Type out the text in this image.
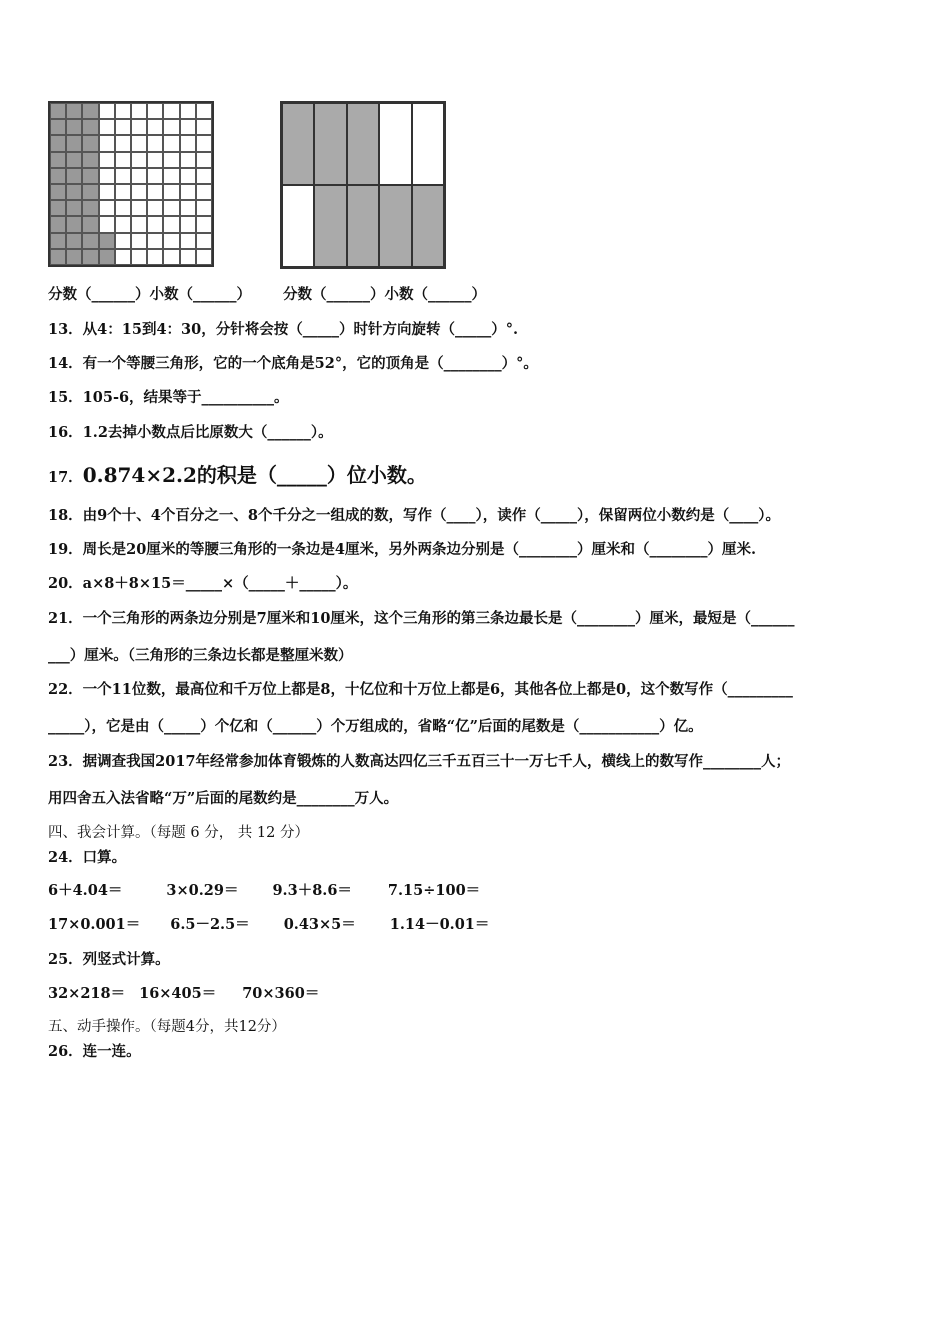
分数（______）小数（______） 分数（______）小数（______）
13．从4：15到4：30，分针将会按（_____）时针方向旋转（_____）°.
14．有一个等腰三角形，它的一个底角是52°，它的顶角是（________）°。
15．105-6，结果等于__________。
16．1.2去掉小数点后比原数大（______）。
17．0.874×2.2的积是（_____）位小数。
18．由9个十、4个百分之一、8个千分之一组成的数，写作（____），读作（_____），保留两位小数约是（____）。
19．周长是20厘米的等腰三角形的一条边是4厘米，另外两条边分别是（________）厘米和（________）厘米.
20．a×8＋8×15＝_____×（_____＋_____）。
21．一个三角形的两条边分别是7厘米和10厘米，这个三角形的第三条边最长是（________）厘米，最短是（______
___）厘米。（三角形的三条边长都是整厘米数）
22．一个11位数，最高位和千万位上都是8，十亿位和十万位上都是6，其他各位上都是0，这个数写作（_________
_____），它是由（_____）个亿和（______）个万组成的，省略“亿”后面的尾数是（___________）亿。
23．据调查我国2017年经常参加体育锻炼的人数高达四亿三千五百三十一万七千人，横线上的数写作________人；
用四舍五入法省略“万”后面的尾数约是________万人。
四、我会计算。（每题 6 分， 共 12 分）
24．口算。
6＋4.04＝	3×0.29＝ 9.3＋8.6＝ 7.15÷100＝
17×0.001＝ 6.5－2.5＝ 0.43×5＝ 1.14－0.01＝
25．列竖式计算。
32×218＝ 16×405＝ 70×360＝
五、动手操作。（每题4分，共12分）
26．连一连。
